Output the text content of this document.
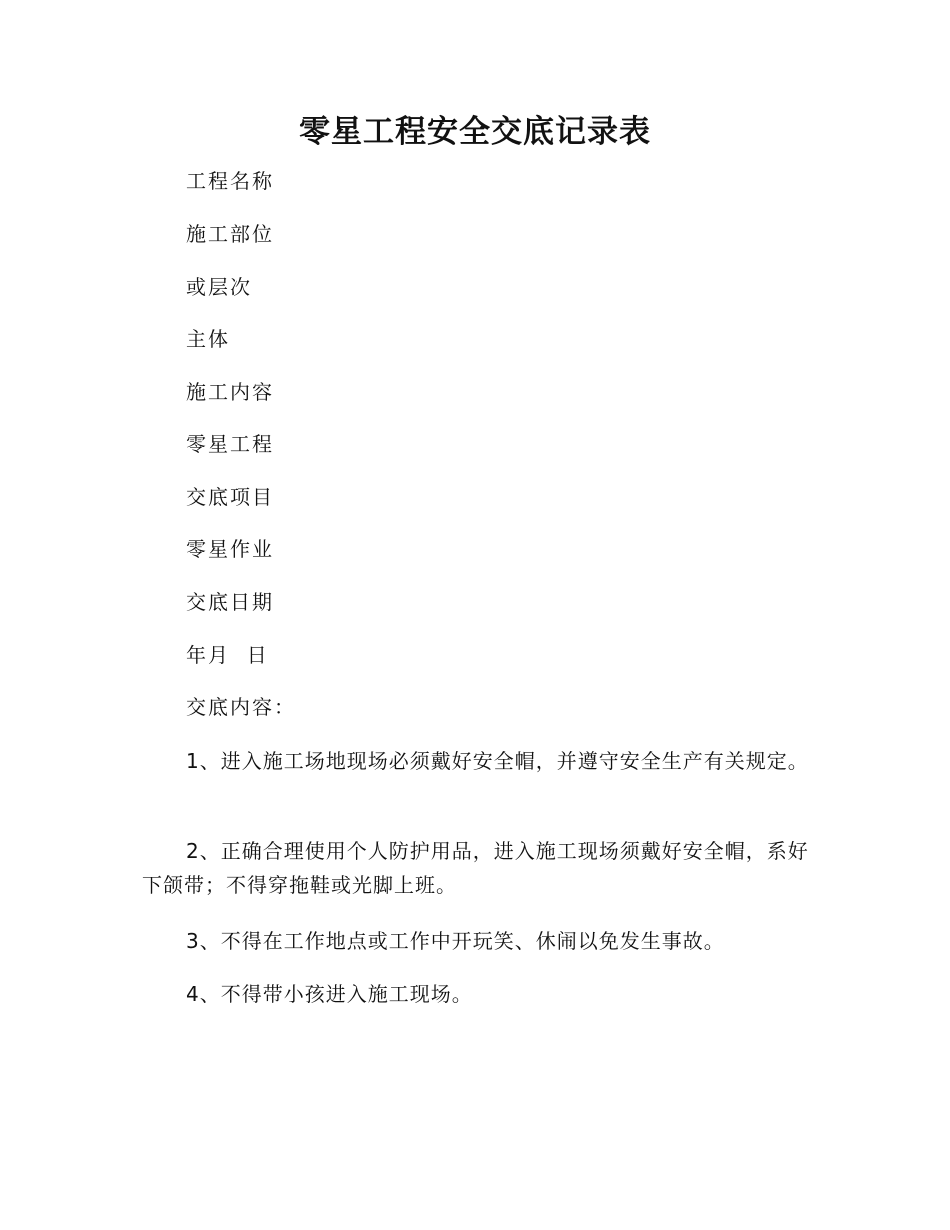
零星工程安全交底记录表
工程名称
施工部位
或层次
主体
施工内容
零星工程
交底项目
零星作业
交底日期
年月  日
交底内容：
1、进入施工场地现场必须戴好安全帽，并遵守安全生产有关规定。
2、正确合理使用个人防护用品，进入施工现场须戴好安全帽，系好下颌带；不得穿拖鞋或光脚上班。
3、不得在工作地点或工作中开玩笑、休闹以免发生事故。
4、不得带小孩进入施工现场。
